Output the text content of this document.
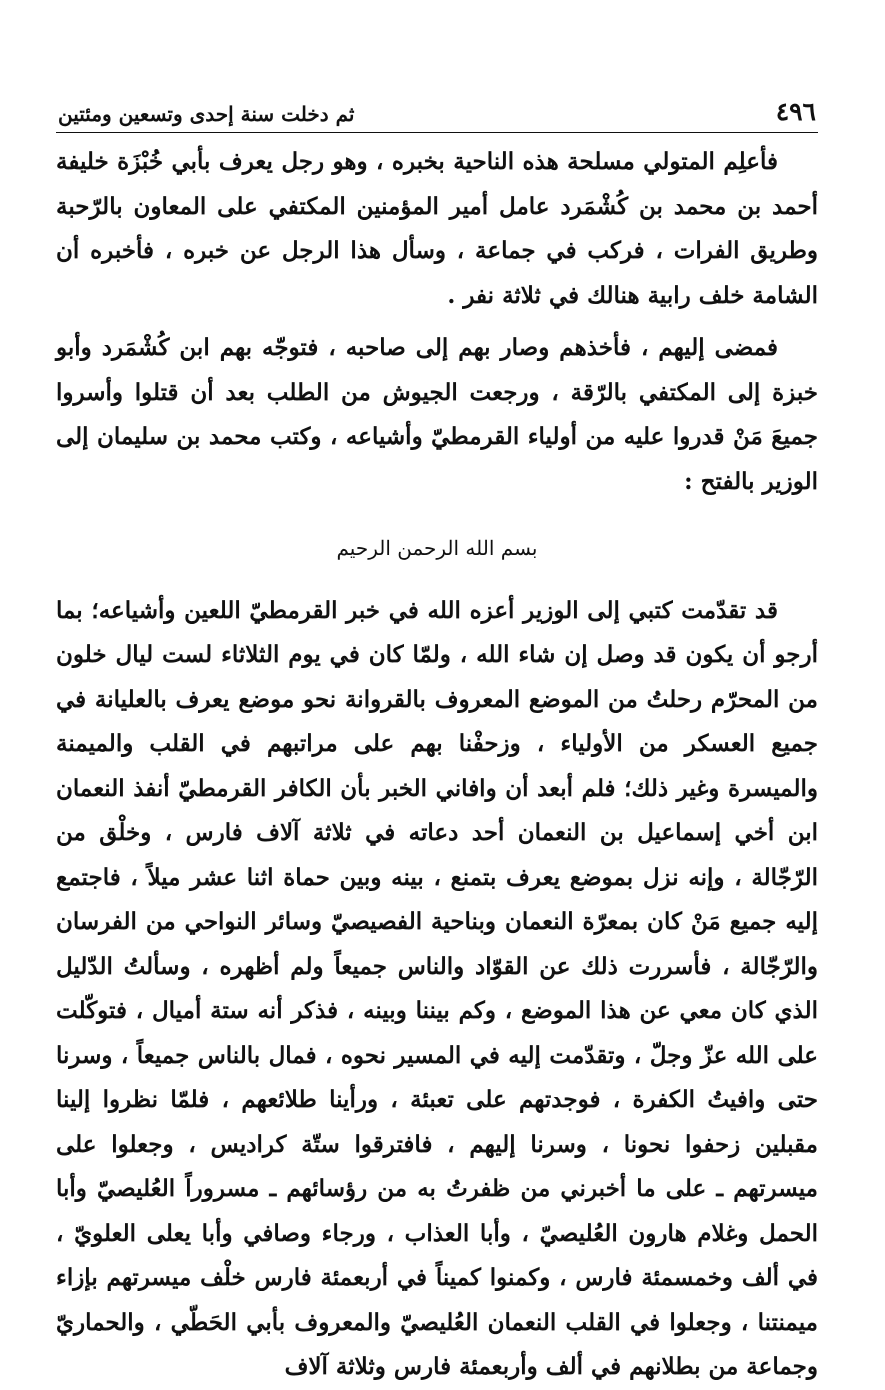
٤٩٦
ثم دخلت سنة إحدى وتسعين ومئتين

فأعلِم المتولي مسلحة هذه الناحية بخبره ، وهو رجل يعرف بأبي خُبْزَة خليفة أحمد بن محمد بن كُشْمَرد عامل أمير المؤمنين المكتفي على المعاون بالرّحبة وطريق الفرات ، فركب في جماعة ، وسأل هذا الرجل عن خبره ، فأخبره أن الشامة خلف رابية هنالك في ثلاثة نفر .

فمضى إليهم ، فأخذهم وصار بهم إلى صاحبه ، فتوجّه بهم ابن كُشْمَرد وأبو خبزة إلى المكتفي بالرّقة ، ورجعت الجيوش من الطلب بعد أن قتلوا وأسروا جميعَ مَنْ قدروا عليه من أولياء القرمطيّ وأشياعه ، وكتب محمد بن سليمان إلى الوزير بالفتح :

بسم الله الرحمن الرحيم

قد تقدّمت كتبي إلى الوزير أعزه الله في خبر القرمطيّ اللعين وأشياعه؛ بما أرجو أن يكون قد وصل إن شاء الله ، ولمّا كان في يوم الثلاثاء لست ليال خلون من المحرّم رحلتُ من الموضع المعروف بالقروانة نحو موضع يعرف بالعليانة في جميع العسكر من الأولياء ، وزحفْنا بهم على مراتبهم في القلب والميمنة والميسرة وغير ذلك؛ فلم أبعد أن وافاني الخبر بأن الكافر القرمطيّ أنفذ النعمان ابن أخي إسماعيل بن النعمان أحد دعاته في ثلاثة آلاف فارس ، وخلْق من الرّجّالة ، وإنه نزل بموضع يعرف بتمنع ، بينه وبين حماة اثنا عشر ميلاً ، فاجتمع إليه جميع مَنْ كان بمعرّة النعمان وبناحية الفصيصيّ وسائر النواحي من الفرسان والرّجّالة ، فأسررت ذلك عن القوّاد والناس جميعاً ولم أظهره ، وسألتُ الدّليل الذي كان معي عن هذا الموضع ، وكم بيننا وبينه ، فذكر أنه ستة أميال ، فتوكّلت على الله عزّ وجلّ ، وتقدّمت إليه في المسير نحوه ، فمال بالناس جميعاً ، وسرنا حتى وافيتُ الكفرة ، فوجدتهم على تعبئة ، ورأينا طلائعهم ، فلمّا نظروا إلينا مقبلين زحفوا نحونا ، وسرنا إليهم ، فافترقوا ستّة كراديس ، وجعلوا على ميسرتهم ـ على ما أخبرني من ظفرتُ به من رؤسائهم ـ مسروراً العُليصيّ وأبا الحمل وغلام هارون العُليصيّ ، وأبا العذاب ، ورجاء وصافي وأبا يعلى العلويّ ، في ألف وخمسمئة فارس ، وكمنوا كميناً في أربعمئة فارس خلْف ميسرتهم بإزاء ميمنتنا ، وجعلوا في القلب النعمان العُليصيّ والمعروف بأبي الحَطّي ، والحماريّ وجماعة من بطلانهم في ألف وأربعمئة فارس وثلاثة آلاف
